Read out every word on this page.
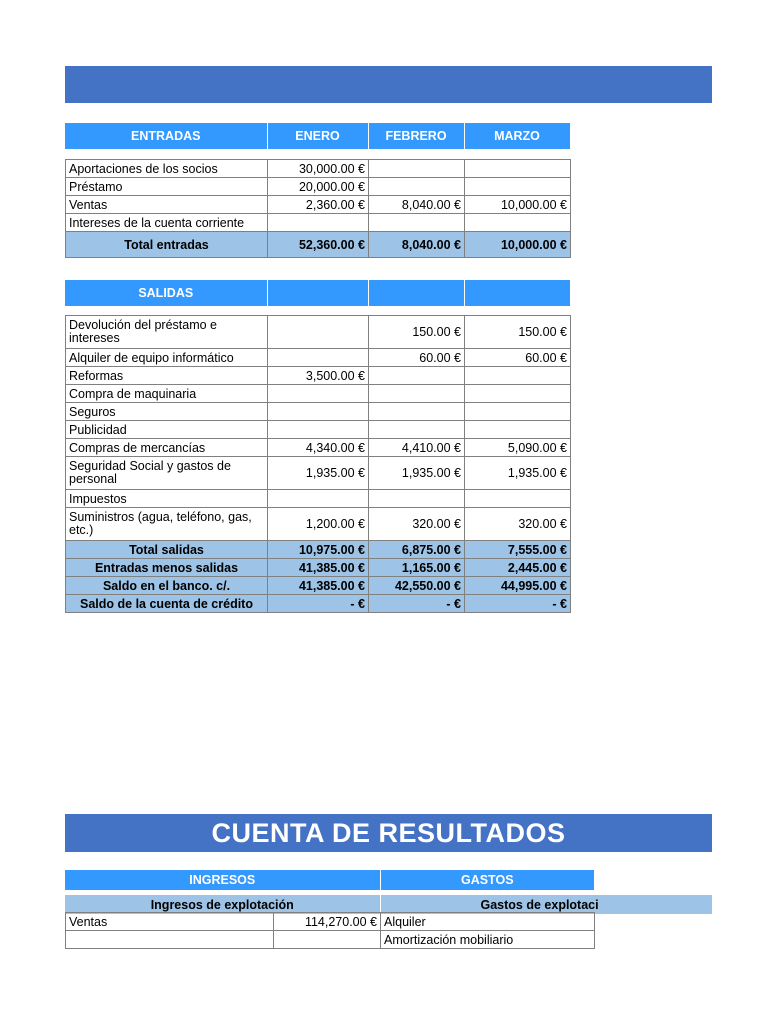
ENTRADAS	ENERO	FEBRERO	MARZO
Aportaciones de los socios	30,000.00 €		
Préstamo	20,000.00 €		
Ventas	2,360.00 €	8,040.00 €	10,000.00 €
Intereses de la cuenta corriente			
Total entradas	52,360.00 €	8,040.00 €	10,000.00 €
SALIDAS			
Devolución del préstamo e intereses		150.00 €	150.00 €
Alquiler de equipo informático		60.00 €	60.00 €
Reformas	3,500.00 €		
Compra de maquinaria			
Seguros			
Publicidad			
Compras de mercancías	4,340.00 €	4,410.00 €	5,090.00 €
Seguridad Social y gastos de personal	1,935.00 €	1,935.00 €	1,935.00 €
Impuestos			
Suministros (agua, teléfono, gas, etc.)	1,200.00 €	320.00 €	320.00 €
Total salidas	10,975.00 €	6,875.00 €	7,555.00 €
Entradas menos salidas	41,385.00 €	1,165.00 €	2,445.00 €
Saldo en el banco. c/.	41,385.00 €	42,550.00 €	44,995.00 €
Saldo de la cuenta de crédito	- €	- €	- €
CUENTA DE RESULTADOS
INGRESOS	GASTOS	
Ingresos de explotación	Gastos de explotaci
Ventas	114,270.00 €	Alquiler
		Amortización mobiliario
